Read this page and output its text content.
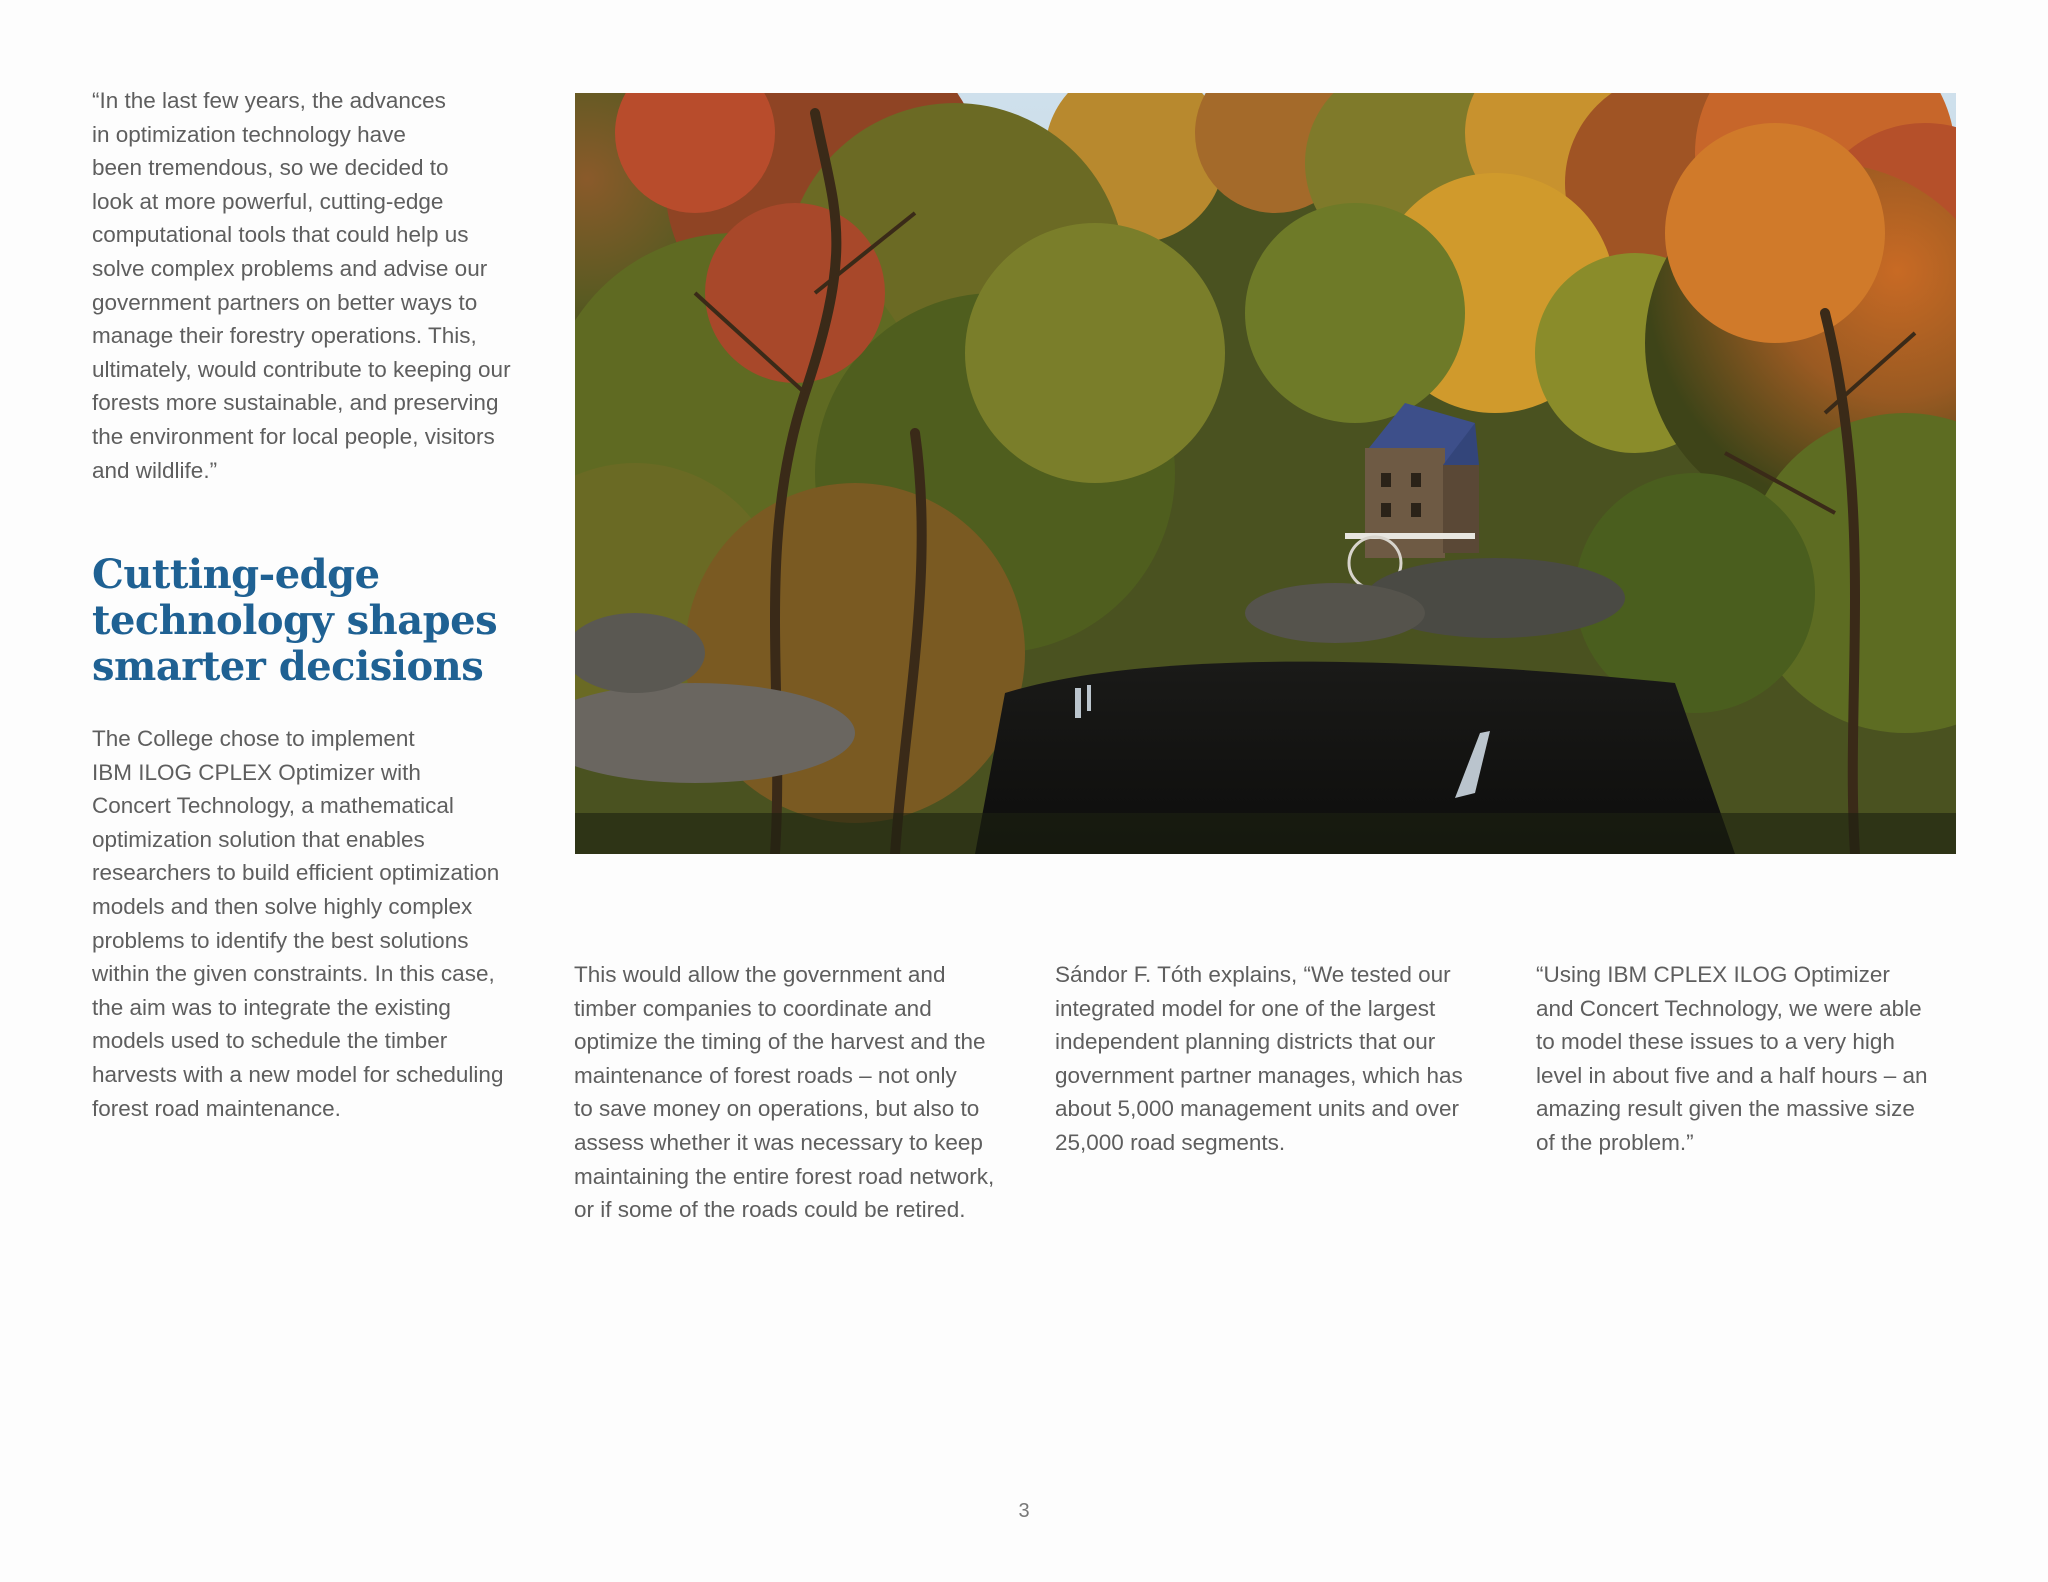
“In the last few years, the advances

in optimization technology have

been tremendous, so we decided to

look at more powerful, cutting-edge

computational tools that could help us

solve complex problems and advise our

government partners on better ways to

manage their forestry operations. This,

ultimately, would contribute to keeping our

forests more sustainable, and preserving

the environment for local people, visitors

and wildlife.”

Cutting-edge
technology shapes
smarter decisions

The College chose to implement

IBM ILOG CPLEX Optimizer with

Concert Technology, a mathematical

optimization solution that enables

researchers to build efficient optimization

models and then solve highly complex

problems to identify the best solutions

within the given constraints. In this case,

the aim was to integrate the existing

models used to schedule the timber

harvests with a new model for scheduling

forest road maintenance.

This would allow the government and

timber companies to coordinate and

optimize the timing of the harvest and the

maintenance of forest roads – not only

to save money on operations, but also to

assess whether it was necessary to keep

maintaining the entire forest road network,

or if some of the roads could be retired.

Sándor F. Tóth explains, “We tested our

integrated model for one of the largest

independent planning districts that our

government partner manages, which has

about 5,000 management units and over

25,000 road segments.

“Using IBM CPLEX ILOG Optimizer

and Concert Technology, we were able

to model these issues to a very high

level in about five and a half hours – an

amazing result given the massive size

of the problem.”

3
